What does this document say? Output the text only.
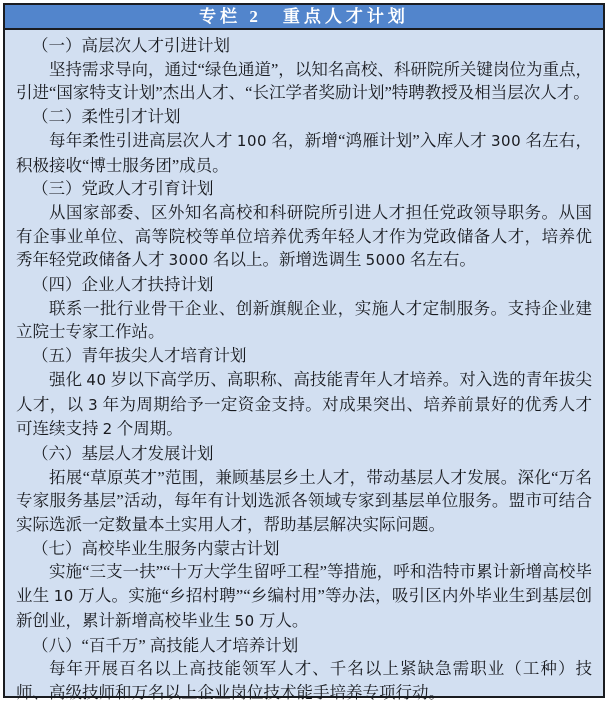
专栏 2　重点人才计划
（一）高层次人才引进计划

坚持需求导向，通过“绿色通道”，以知名高校、科研院所关键岗位为重点，引进“国家特支计划”杰出人才、“长江学者奖励计划”特聘教授及相当层次人才。

（二）柔性引才计划

每年柔性引进高层次人才 100 名，新增“鸿雁计划”入库人才 300 名左右，积极接收“博士服务团”成员。

（三）党政人才引育计划

从国家部委、区外知名高校和科研院所引进人才担任党政领导职务。从国有企事业单位、高等院校等单位培养优秀年轻人才作为党政储备人才，培养优秀年轻党政储备人才 3000 名以上。新增选调生 5000 名左右。

（四）企业人才扶持计划

联系一批行业骨干企业、创新旗舰企业，实施人才定制服务。支持企业建立院士专家工作站。

（五）青年拔尖人才培育计划

强化 40 岁以下高学历、高职称、高技能青年人才培养。对入选的青年拔尖人才，以 3 年为周期给予一定资金支持。对成果突出、培养前景好的优秀人才可连续支持 2 个周期。

（六）基层人才发展计划

拓展“草原英才”范围，兼顾基层乡土人才，带动基层人才发展。深化“万名专家服务基层”活动，每年有计划选派各领域专家到基层单位服务。盟市可结合实际选派一定数量本土实用人才，帮助基层解决实际问题。

（七）高校毕业生服务内蒙古计划

实施“三支一扶”“十万大学生留呼工程”等措施，呼和浩特市累计新增高校毕业生 10 万人。实施“乡招村聘”“乡编村用”等办法，吸引区内外毕业生到基层创新创业，累计新增高校毕业生 50 万人。

（八）“百千万” 高技能人才培养计划

每年开展百名以上高技能领军人才、千名以上紧缺急需职业（工种）技师、高级技师和万名以上企业岗位技术能手培养专项行动。
